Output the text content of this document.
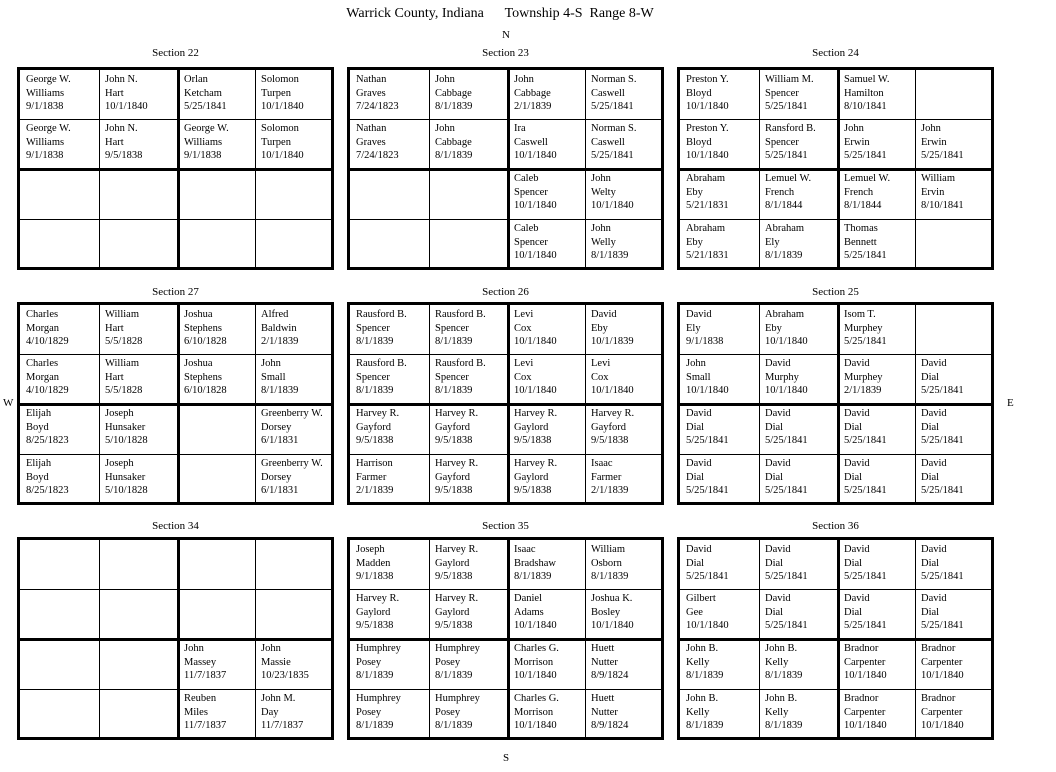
Warrick County, Indiana      Township 4-S  Range 8-W
N
S
W	E
Section 22
George W.
Williams
9/1/1838
John N.
Hart
10/1/1840
Orlan
Ketcham
5/25/1841
Solomon
Turpen
10/1/1840
George W.
Williams
9/1/1838
John N.
Hart
9/5/1838
George W.
Williams
9/1/1838
Solomon
Turpen
10/1/1840
Section 23
Nathan
Graves
7/24/1823
John
Cabbage
8/1/1839
John
Cabbage
2/1/1839
Norman S.
Caswell
5/25/1841
Nathan
Graves
7/24/1823
John
Cabbage
8/1/1839
Ira
Caswell
10/1/1840
Norman S.
Caswell
5/25/1841
Caleb
Spencer
10/1/1840
John
Welty
10/1/1840
Caleb
Spencer
10/1/1840
John
Welly
8/1/1839
Section 24
Preston Y.
Bloyd
10/1/1840
William M.
Spencer
5/25/1841
Samuel W.
Hamilton
8/10/1841
Preston Y.
Bloyd
10/1/1840
Ransford B.
Spencer
5/25/1841
John
Erwin
5/25/1841
John
Erwin
5/25/1841
Abraham
Eby
5/21/1831
Lemuel W.
French
8/1/1844
Lemuel W.
French
8/1/1844
William
Ervin
8/10/1841
Abraham
Eby
5/21/1831
Abraham
Ely
8/1/1839
Thomas
Bennett
5/25/1841
Section 27
Charles
Morgan
4/10/1829
William
Hart
5/5/1828
Joshua
Stephens
6/10/1828
Alfred
Baldwin
2/1/1839
Charles
Morgan
4/10/1829
William
Hart
5/5/1828
Joshua
Stephens
6/10/1828
John
Small
8/1/1839
Elijah
Boyd
8/25/1823
Joseph
Hunsaker
5/10/1828
Greenberry W.
Dorsey
6/1/1831
Elijah
Boyd
8/25/1823
Joseph
Hunsaker
5/10/1828
Greenberry W.
Dorsey
6/1/1831
Section 26
Rausford B.
Spencer
8/1/1839
Rausford B.
Spencer
8/1/1839
Levi
Cox
10/1/1840
David
Eby
10/1/1839
Rausford B.
Spencer
8/1/1839
Rausford B.
Spencer
8/1/1839
Levi
Cox
10/1/1840
Levi
Cox
10/1/1840
Harvey R.
Gayford
9/5/1838
Harvey R.
Gayford
9/5/1838
Harvey R.
Gaylord
9/5/1838
Harvey R.
Gayford
9/5/1838
Harrison
Farmer
2/1/1839
Harvey R.
Gayford
9/5/1838
Harvey R.
Gaylord
9/5/1838
Isaac
Farmer
2/1/1839
Section 25
David
Ely
9/1/1838
Abraham
Eby
10/1/1840
Isom T.
Murphey
5/25/1841
John
Small
10/1/1840
David
Murphy
10/1/1840
David
Murphey
2/1/1839
David
Dial
5/25/1841
David
Dial
5/25/1841
David
Dial
5/25/1841
David
Dial
5/25/1841
David
Dial
5/25/1841
David
Dial
5/25/1841
David
Dial
5/25/1841
David
Dial
5/25/1841
David
Dial
5/25/1841
Section 34
John
Massey
11/7/1837
John
Massie
10/23/1835
Reuben
Miles
11/7/1837
John M.
Day
11/7/1837
Section 35
Joseph
Madden
9/1/1838
Harvey R.
Gaylord
9/5/1838
Isaac
Bradshaw
8/1/1839
William
Osborn
8/1/1839
Harvey R.
Gaylord
9/5/1838
Harvey R.
Gaylord
9/5/1838
Daniel
Adams
10/1/1840
Joshua K.
Bosley
10/1/1840
Humphrey
Posey
8/1/1839
Humphrey
Posey
8/1/1839
Charles G.
Morrison
10/1/1840
Huett
Nutter
8/9/1824
Humphrey
Posey
8/1/1839
Humphrey
Posey
8/1/1839
Charles G.
Morrison
10/1/1840
Huett
Nutter
8/9/1824
Section 36
David
Dial
5/25/1841
David
Dial
5/25/1841
David
Dial
5/25/1841
David
Dial
5/25/1841
Gilbert
Gee
10/1/1840
David
Dial
5/25/1841
David
Dial
5/25/1841
David
Dial
5/25/1841
John B.
Kelly
8/1/1839
John B.
Kelly
8/1/1839
Bradnor
Carpenter
10/1/1840
Bradnor
Carpenter
10/1/1840
John B.
Kelly
8/1/1839
John B.
Kelly
8/1/1839
Bradnor
Carpenter
10/1/1840
Bradnor
Carpenter
10/1/1840
